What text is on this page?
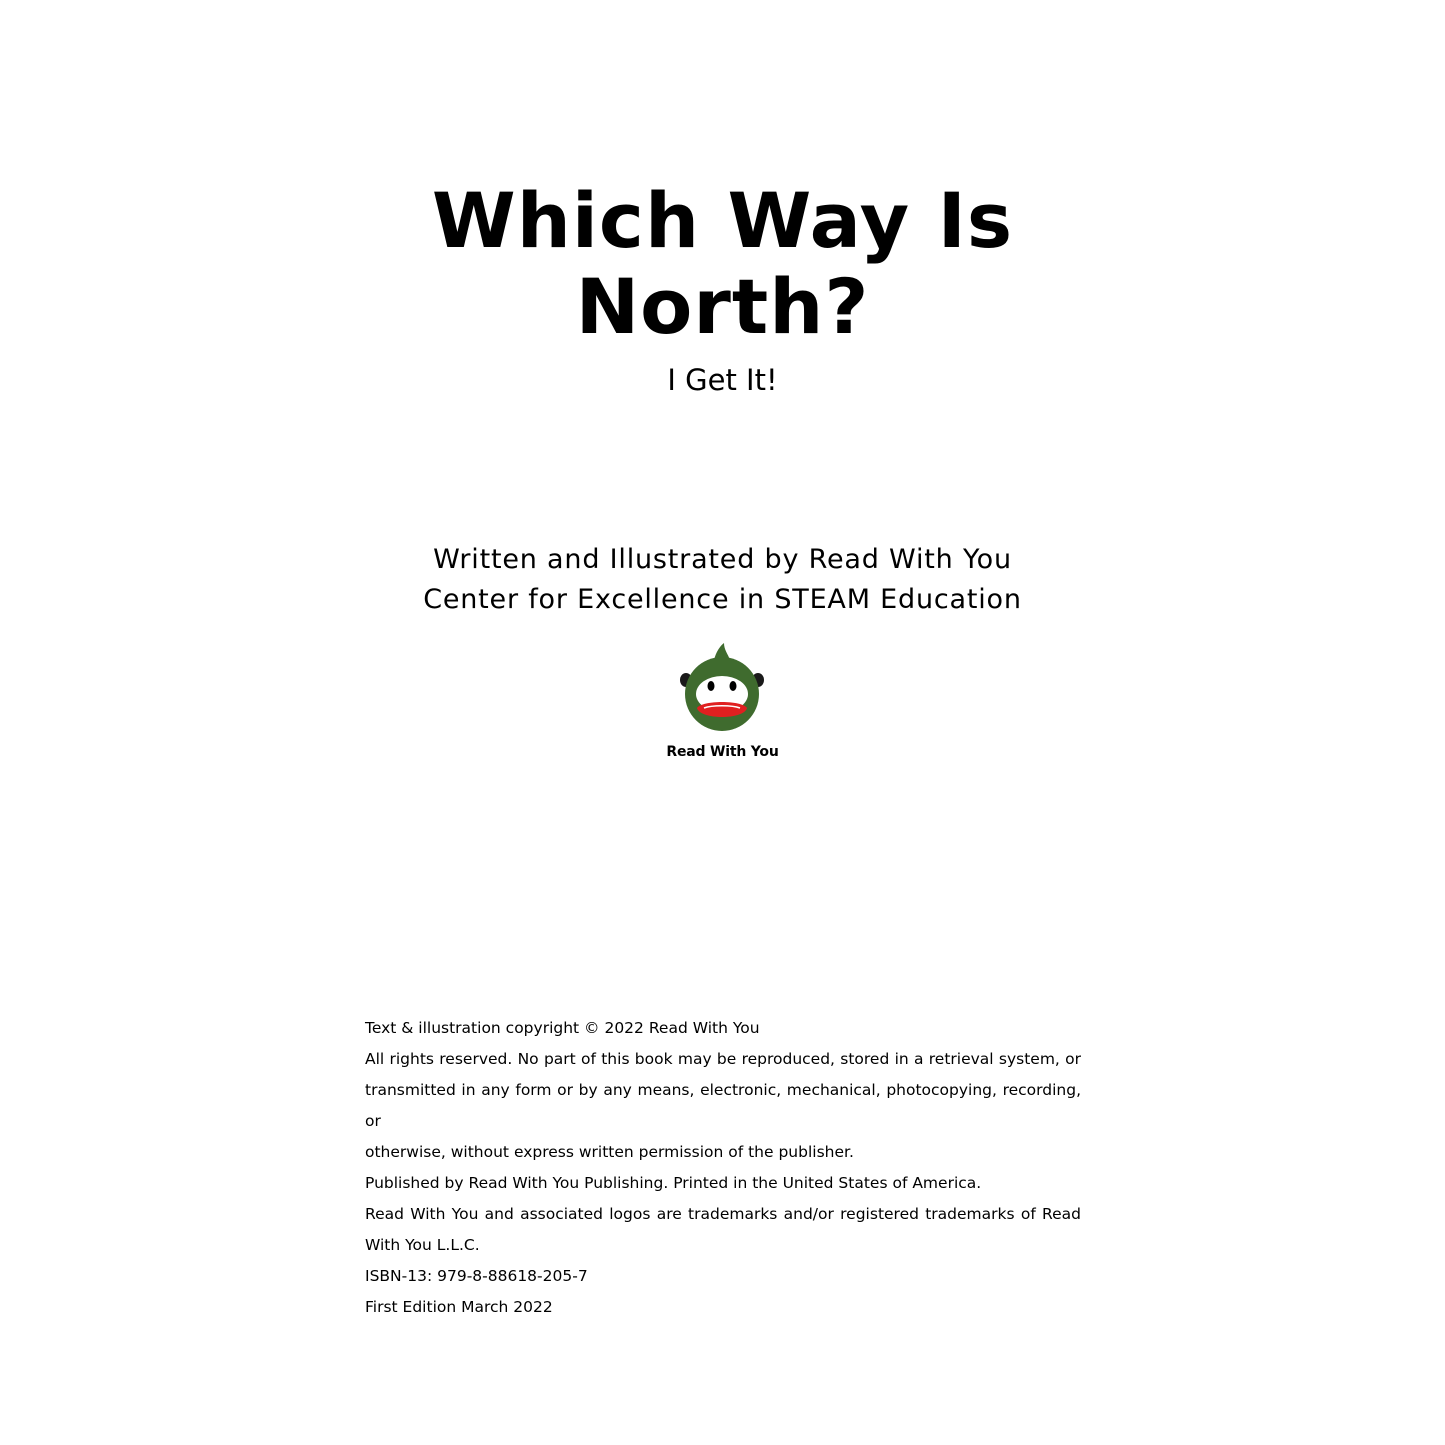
Which Way Is
North?
I Get It!
Written and Illustrated by Read With You
Center for Excellence in STEAM Education
Read With You
Text & illustration copyright © 2022 Read With You
All rights reserved. No part of this book may be reproduced, stored in a retrieval system, or
transmitted in any form or by any means, electronic, mechanical, photocopying, recording, or
otherwise, without express written permission of the publisher.
Published by Read With You Publishing. Printed in the United States of America.
Read With You and associated logos are trademarks and/or registered trademarks of Read
With You L.L.C.
ISBN-13: 979-8-88618-205-7
First Edition March 2022
